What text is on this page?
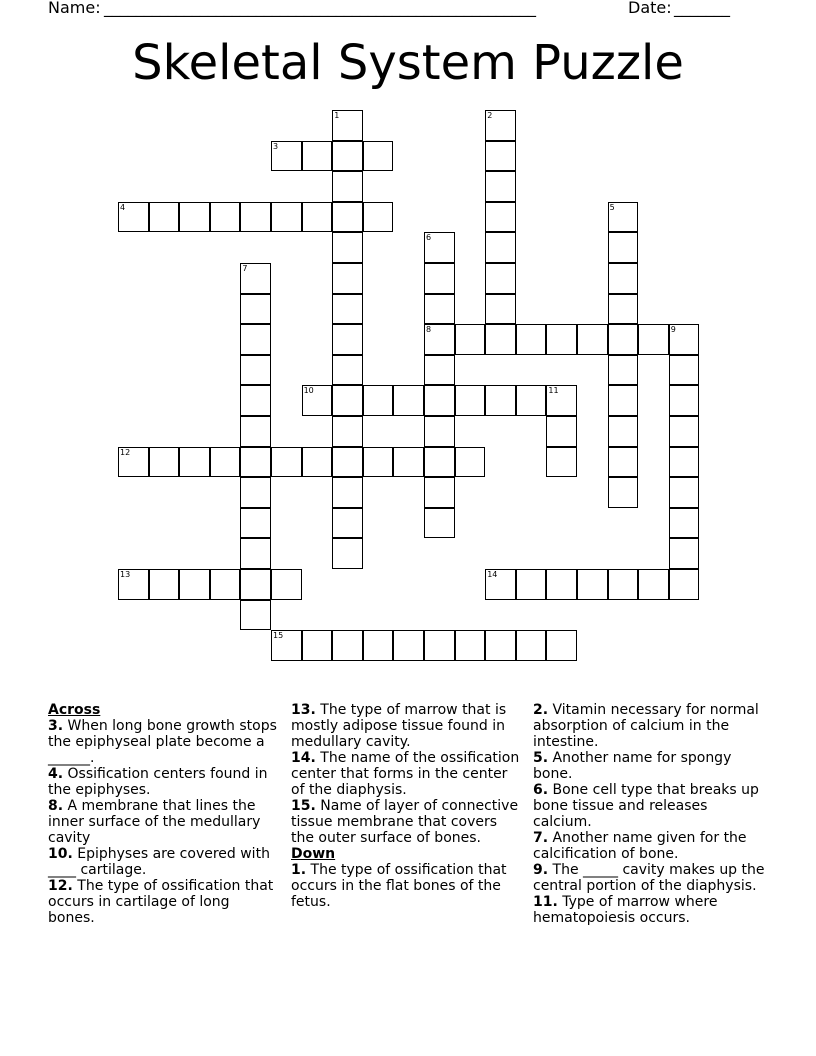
Name: ______________________________________________________	Date: _______
Skeletal System Puzzle
1	2
3
4	5
6
8
7
9
10	11
12
13	14
15
Across

3. When long bone growth stops the epiphyseal plate become a ______.

4. Ossification centers found in the epiphyses.

8. A membrane that lines the inner surface of the medullary cavity

10. Epiphyses are covered with ____ cartilage.

12. The type of ossification that occurs in cartilage of long bones.

13. The type of marrow that is mostly adipose tissue found in medullary cavity.

14. The name of the ossification center that forms in the center of the diaphysis.

15. Name of layer of connective tissue membrane that covers the outer surface of bones.

Down

1. The type of ossification that occurs in the flat bones of the fetus.

2. Vitamin necessary for normal absorption of calcium in the intestine.

5. Another name for spongy bone.

6. Bone cell type that breaks up bone tissue and releases calcium.

7. Another name given for the calcification of bone.

9. The _____ cavity makes up the central portion of the diaphysis.

11. Type of marrow where hematopoiesis occurs.
